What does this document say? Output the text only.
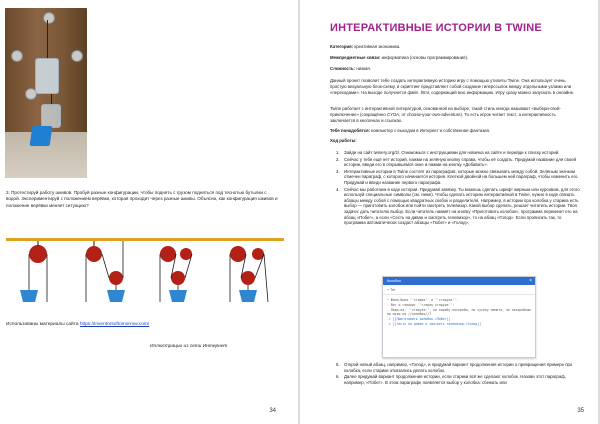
3. Протестируй работу шкивов. Пробуй разные конфигурации, чтобы поднять с грузом подняться под теснотью бутылки с водой. Экспериментируй с положением верёвки, которая проходит через разные шкивы. Объясни, как конфигурация шкивов и положение верёвки меняет ситуацию?
Использованы материалы сайта https://inventorsoftomorrow.com/
Иллюстрации из сети Интернет
34
ИНТЕРАКТИВНЫЕ ИСТОРИИ В TWINE
Категория: креативная экономика.
Межпредметные связи: информатика (основы программирования).
Сложность: низкая.
Данный проект позволит тебе создать интерактивную историю игру с помощью утилиты Twine. Она использует очень простую визуальную блок-схему, и скриптинг представляет собой создание гиперссылок между отдельными узлами или «переходами». На выходе получается файл .html, содержащий всю информацию. Игру сразу можно запускать в онлайне.
Twine работает с интерактивной литературой, основанной на выборе, такой стиль иногда называют «выбери-свой-приключение» (сокращённо CYOA, от choose-your-own-adventure). То есть игрок читает текст, а интерактивность заключается в кнопочках и ссылках.
Тебе понадобятся: компьютер с выходом в Интернет и собственная фантазия.
Ход работы:
1. Зайди на сайт twinery.org/2/. Ознакомься с инструкциями для новичка на сайте и перейди к списку историй.
2. Сейчас у тебя ещё нет историй, нажми на зелёную кнопку справа, чтобы её создать. Придумай название для своей истории, введи его в открывшемся окне и нажми на кнопку «Добавить».
3. Интерактивные истории в Twine состоят из параграфов, которые можно связывать между собой. Зелёным значком отмечен параграф, с которого начинается история. Клеткой двойной на большем ней параграф, чтобы изменить его. Придумай и введи название первого параграфа.
4. Сейчас мы работаем в коде истории. Придумай завязку. Ты можешь сделать шрифт жирным или курсивом, для этого используй специальные символы (см. ниже). Чтобы сделать историю интерактивной в Twine, нужно в коде связать абзацы между собой с помощью квадратных скобок и разделителя. Например, в истории про колобка у старика есть выбор — приготовить колобок или пойти смотреть телевизор. Какой выбор сделать, решает читатель истории. Твоя задача: дать читателю выбор. Если читатель нажмёт на кнопку «Приготовить колобок», программа перекинет его на абзац «Побег», а если «Сесть на диван и смотреть телевизор», то на абзац «Голод». Если прописать так, то программа автоматически создаст абзацы «Побег» и «Голод».
Колобок	×
+ Тег
~ Жили-были ''старик'' и ''старуха''.
- Вот и говорит ''старик старуха'':
- Поди-ка, ''старуха'', по коробу поскреби, по сусеку помети, не наскребешь ли муки на //колобок//?
-> [[Приготовить колобок->Побег]]
-> [[Сесть на диван и смотреть телевизор->Голод]]
5. Открой новый абзац, например, «Голод», и придумай вариант продолжения истории о превращения примере про колобка, если старики отказались делать колобок.
6. Далее придумай вариант продолжения истории, если старики всё же сделают колобок. Назови этот параграф, например, «Побег». В этом параграфе появляется выбор у колобка: сбежать или
35
